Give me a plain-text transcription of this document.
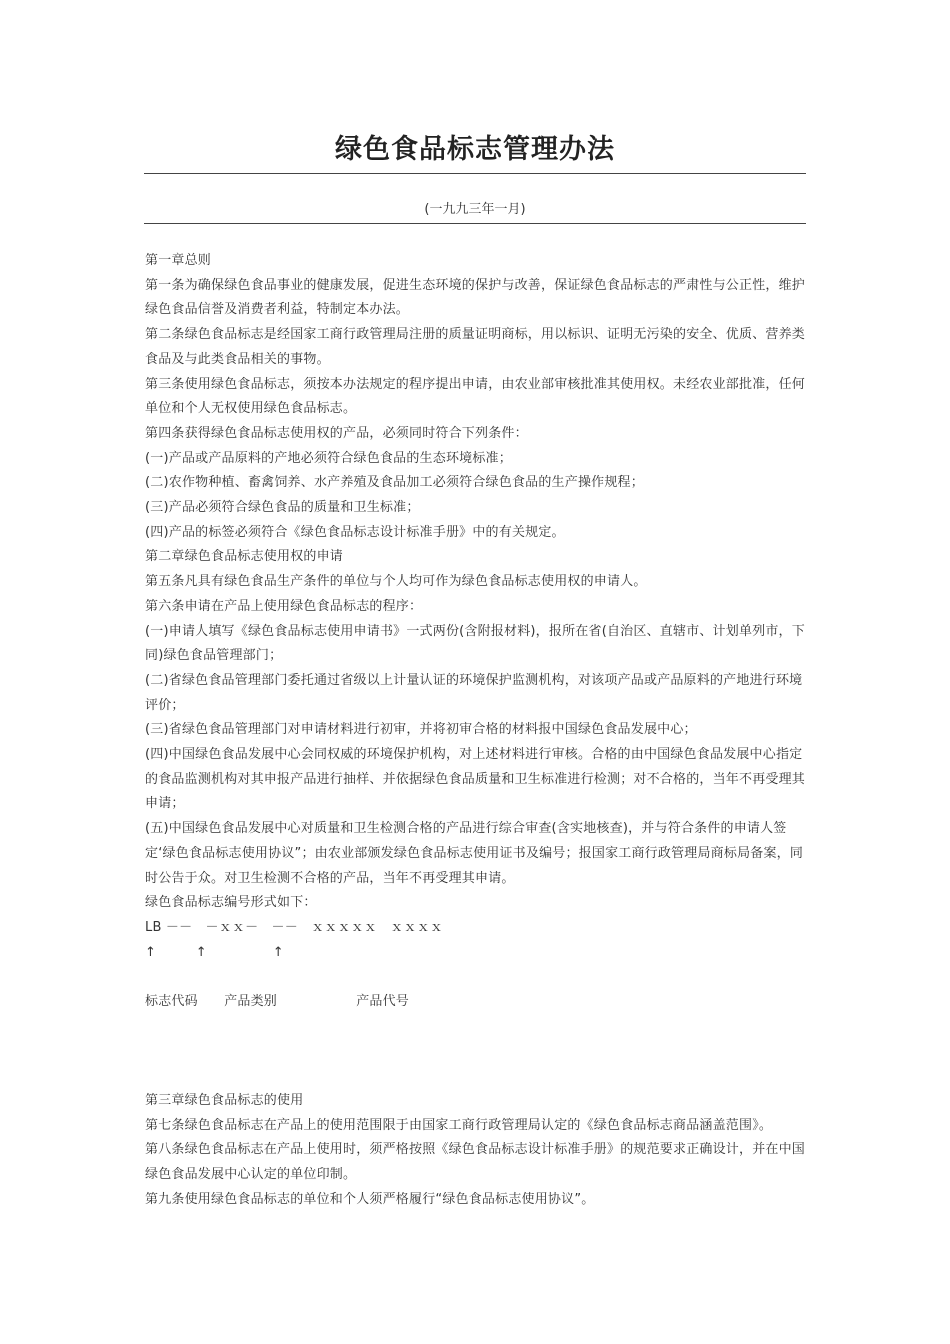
绿色食品标志管理办法
(一九九三年一月)

第一章总则

第一条为确保绿色食品事业的健康发展，促进生态环境的保护与改善，保证绿色食品标志的严肃性与公正性，维护绿色食品信誉及消费者利益，特制定本办法。

第二条绿色食品标志是经国家工商行政管理局注册的质量证明商标，用以标识、证明无污染的安全、优质、营养类食品及与此类食品相关的事物。

第三条使用绿色食品标志，须按本办法规定的程序提出申请，由农业部审核批准其使用权。未经农业部批准，任何单位和个人无权使用绿色食品标志。

第四条获得绿色食品标志使用权的产品，必须同时符合下列条件：

(一)产品或产品原料的产地必须符合绿色食品的生态环境标准；

(二)农作物种植、畜禽饲养、水产养殖及食品加工必须符合绿色食品的生产操作规程；

(三)产品必须符合绿色食品的质量和卫生标准；

(四)产品的标签必须符合《绿色食品标志设计标准手册》中的有关规定。

第二章绿色食品标志使用权的申请

第五条凡具有绿色食品生产条件的单位与个人均可作为绿色食品标志使用权的申请人。

第六条申请在产品上使用绿色食品标志的程序：

(一)申请人填写《绿色食品标志使用申请书》一式两份(含附报材料)，报所在省(自治区、直辖市、计划单列市，下同)绿色食品管理部门；

(二)省绿色食品管理部门委托通过省级以上计量认证的环境保护监测机构，对该项产品或产品原料的产地进行环境评价；

(三)省绿色食品管理部门对申请材料进行初审，并将初审合格的材料报中国绿色食品发展中心；

(四)中国绿色食品发展中心会同权威的环境保护机构，对上述材料进行审核。合格的由中国绿色食品发展中心指定的食品监测机构对其申报产品进行抽样、并依据绿色食品质量和卫生标准进行检测；对不合格的，当年不再受理其申请；

(五)中国绿色食品发展中心对质量和卫生检测合格的产品进行综合审查(含实地核查)，并与符合条件的申请人签定‘绿色食品标志使用协议”；由农业部颁发绿色食品标志使用证书及编号；报国家工商行政管理局商标局备案，同时公告于众。对卫生检测不合格的产品，当年不再受理其申请。

绿色食品标志编号形式如下：

LB －－　－ｘｘ－　－－　ｘｘｘｘｘ　ｘｘｘｘ

↑　　　↑　　　　　↑

标志代码　　产品类别　　　　　　产品代号

第三章绿色食品标志的使用

第七条绿色食品标志在产品上的使用范围限于由国家工商行政管理局认定的《绿色食品标志商品涵盖范围》。

第八条绿色食品标志在产品上使用时，须严格按照《绿色食品标志设计标准手册》的规范要求正确设计，并在中国绿色食品发展中心认定的单位印制。

第九条使用绿色食品标志的单位和个人须严格履行“绿色食品标志使用协议”。
